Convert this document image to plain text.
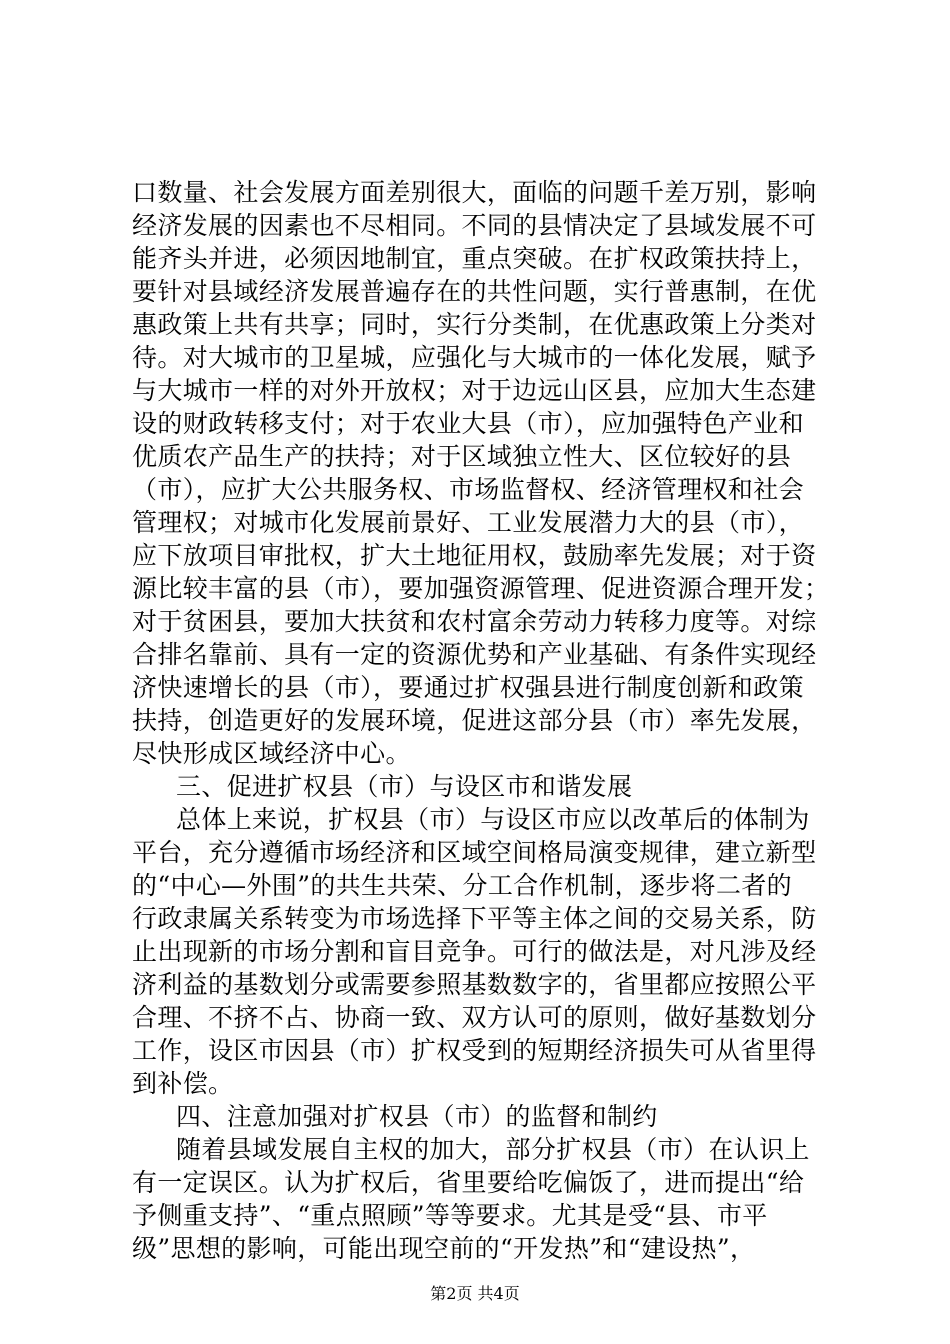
口数量、社会发展方面差别很大，面临的问题千差万别，影响
经济发展的因素也不尽相同。不同的县情决定了县域发展不可
能齐头并进，必须因地制宜，重点突破。在扩权政策扶持上，
要针对县域经济发展普遍存在的共性问题，实行普惠制，在优
惠政策上共有共享；同时，实行分类制，在优惠政策上分类对
待。对大城市的卫星城，应强化与大城市的一体化发展，赋予
与大城市一样的对外开放权；对于边远山区县，应加大生态建
设的财政转移支付；对于农业大县（市），应加强特色产业和
优质农产品生产的扶持；对于区域独立性大、区位较好的县
（市），应扩大公共服务权、市场监督权、经济管理权和社会
管理权；对城市化发展前景好、工业发展潜力大的县（市），
应下放项目审批权，扩大土地征用权，鼓励率先发展；对于资
源比较丰富的县（市），要加强资源管理、促进资源合理开发；
对于贫困县，要加大扶贫和农村富余劳动力转移力度等。对综
合排名靠前、具有一定的资源优势和产业基础、有条件实现经
济快速增长的县（市），要通过扩权强县进行制度创新和政策
扶持，创造更好的发展环境，促进这部分县（市）率先发展，
尽快形成区域经济中心。
三、促进扩权县（市）与设区市和谐发展
总体上来说，扩权县（市）与设区市应以改革后的体制为
平台，充分遵循市场经济和区域空间格局演变规律，建立新型
的“中心—外围”的共生共荣、分工合作机制，逐步将二者的
行政隶属关系转变为市场选择下平等主体之间的交易关系，防
止出现新的市场分割和盲目竞争。可行的做法是，对凡涉及经
济利益的基数划分或需要参照基数数字的，省里都应按照公平
合理、不挤不占、协商一致、双方认可的原则，做好基数划分
工作，设区市因县（市）扩权受到的短期经济损失可从省里得
到补偿。
四、注意加强对扩权县（市）的监督和制约
随着县域发展自主权的加大，部分扩权县（市）在认识上
有一定误区。认为扩权后，省里要给吃偏饭了，进而提出“给
予侧重支持”、“重点照顾”等等要求。尤其是受“县、市平
级”思想的影响，可能出现空前的“开发热”和“建设热”，
第2页 共4页
